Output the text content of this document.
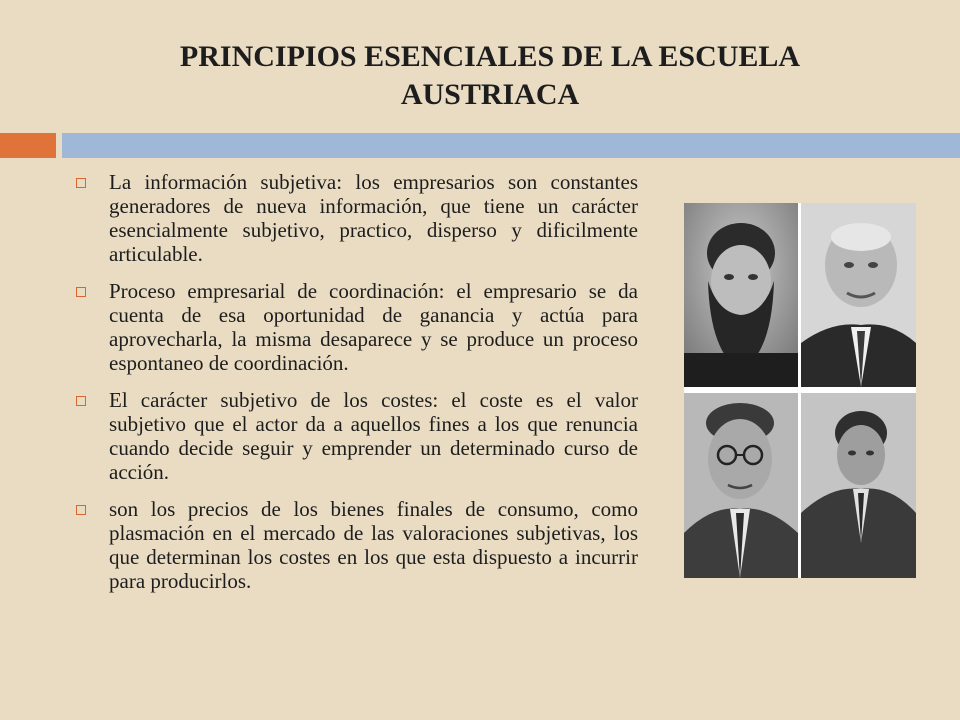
PRINCIPIOS ESENCIALES DE LA ESCUELA
AUSTRIACA
La información subjetiva: los empresarios son constantes generadores de nueva información, que tiene un carácter esencialmente subjetivo, practico, disperso y dificilmente articulable.
Proceso empresarial de coordinación: el empresario se da cuenta de esa oportunidad de ganancia y actúa para aprovecharla, la misma desaparece y se produce un proceso espontaneo de coordinación.
El carácter subjetivo de los costes: el coste es el valor subjetivo que el actor da a aquellos fines a los que renuncia cuando decide seguir y emprender un determinado curso de acción.
son los precios de los bienes finales de consumo, como plasmación en el mercado de las valoraciones subjetivas, los que determinan los costes en los que esta dispuesto a incurrir para producirlos.
